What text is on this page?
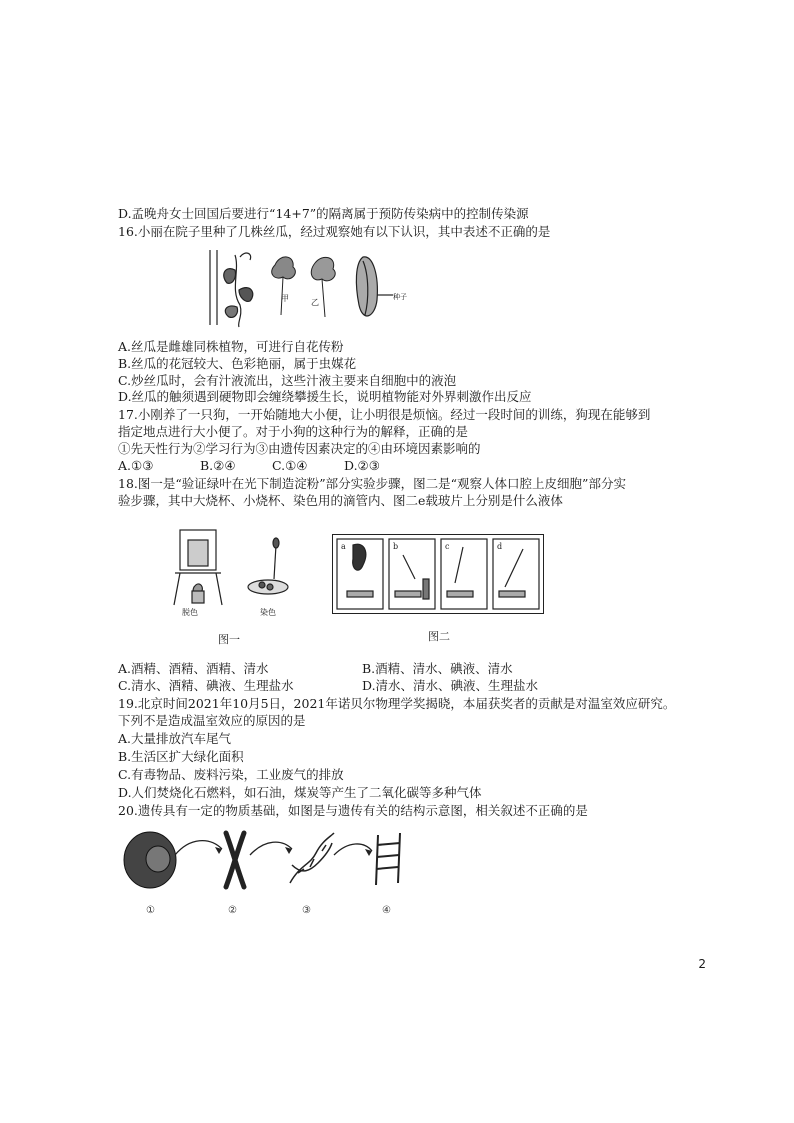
D.孟晚舟女士回国后要进行“14+7”的隔离属于预防传染病中的控制传染源
16.小丽在院子里种了几株丝瓜，经过观察她有以下认识，其中表述不正确的是
甲	乙
种子
A.丝瓜是雌雄同株植物，可进行自花传粉
B.丝瓜的花冠较大、色彩艳丽，属于虫媒花
C.炒丝瓜时，会有汁液流出，这些汁液主要来自细胞中的液泡
D.丝瓜的触须遇到硬物即会缠绕攀援生长，说明植物能对外界刺激作出反应
17.小刚养了一只狗，一开始随地大小便，让小明很是烦恼。经过一段时间的训练，狗现在能够到
指定地点进行大小便了。对于小狗的这种行为的解释，正确的是
①先天性行为②学习行为③由遗传因素决定的④由环境因素影响的
A.①③	B.②④	C.①④	D.②③
18.图一是“验证绿叶在光下制造淀粉”部分实验步骤，图二是“观察人体口腔上皮细胞”部分实
验步骤，其中大烧杯、小烧杯、染色用的滴管内、图二e载玻片上分别是什么液体
脱色	染色
图一
a	b	c	d
图二
A.酒精、酒精、酒精、清水	B.酒精、清水、碘液、清水
C.清水、酒精、碘液、生理盐水	D.清水、清水、碘液、生理盐水
19.北京时间2021年10月5日，2021年诺贝尔物理学奖揭晓，本届获奖者的贡献是对温室效应研究。
下列不是造成温室效应的原因的是
A.大量排放汽车尾气
B.生活区扩大绿化面积
C.有毒物品、废料污染，工业废气的排放
D.人们焚烧化石燃料，如石油，煤炭等产生了二氧化碳等多种气体
20.遗传具有一定的物质基础，如图是与遗传有关的结构示意图，相关叙述不正确的是
①	②	③	④
2
